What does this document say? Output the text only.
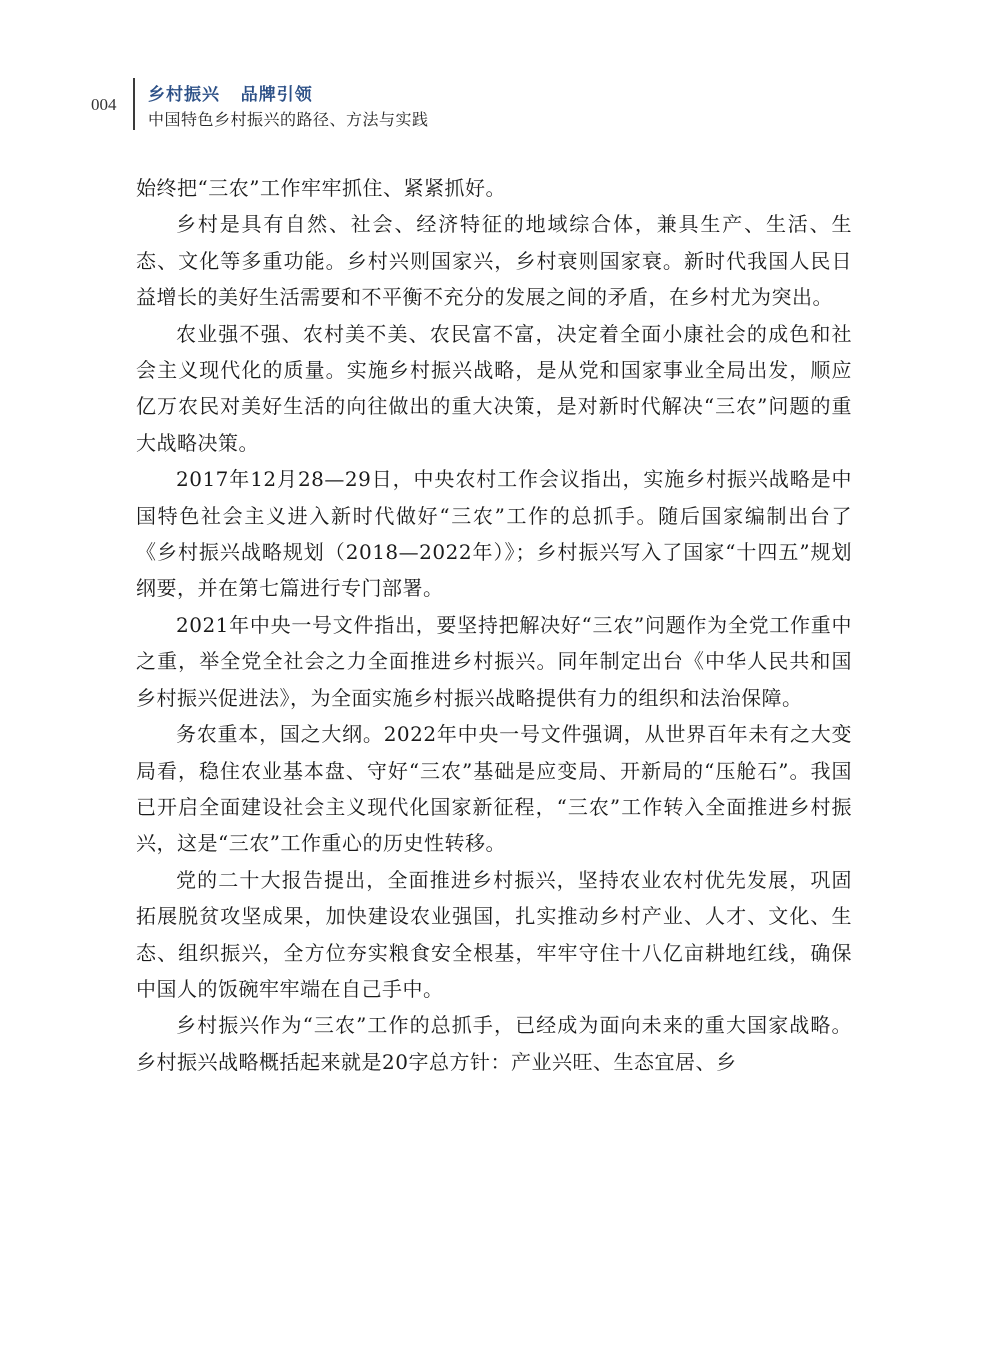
004 乡村振兴   品牌引领
中国特色乡村振兴的路径、方法与实践

始终把“三农”工作牢牢抓住、紧紧抓好。

乡村是具有自然、社会、经济特征的地域综合体，兼具生产、生活、生态、文化等多重功能。乡村兴则国家兴，乡村衰则国家衰。新时代我国人民日益增长的美好生活需要和不平衡不充分的发展之间的矛盾，在乡村尤为突出。

农业强不强、农村美不美、农民富不富，决定着全面小康社会的成色和社会主义现代化的质量。实施乡村振兴战略，是从党和国家事业全局出发，顺应亿万农民对美好生活的向往做出的重大决策，是对新时代解决“三农”问题的重大战略决策。

2017年12月28—29日，中央农村工作会议指出，实施乡村振兴战略是中国特色社会主义进入新时代做好“三农”工作的总抓手。随后国家编制出台了《乡村振兴战略规划（2018—2022年）》；乡村振兴写入了国家“十四五”规划纲要，并在第七篇进行专门部署。

2021年中央一号文件指出，要坚持把解决好“三农”问题作为全党工作重中之重，举全党全社会之力全面推进乡村振兴。同年制定出台《中华人民共和国乡村振兴促进法》，为全面实施乡村振兴战略提供有力的组织和法治保障。

务农重本，国之大纲。2022年中央一号文件强调，从世界百年未有之大变局看，稳住农业基本盘、守好“三农”基础是应变局、开新局的“压舱石”。我国已开启全面建设社会主义现代化国家新征程，“三农”工作转入全面推进乡村振兴，这是“三农”工作重心的历史性转移。

党的二十大报告提出，全面推进乡村振兴，坚持农业农村优先发展，巩固拓展脱贫攻坚成果，加快建设农业强国，扎实推动乡村产业、人才、文化、生态、组织振兴，全方位夯实粮食安全根基，牢牢守住十八亿亩耕地红线，确保中国人的饭碗牢牢端在自己手中。

乡村振兴作为“三农”工作的总抓手，已经成为面向未来的重大国家战略。乡村振兴战略概括起来就是20字总方针：产业兴旺、生态宜居、乡
